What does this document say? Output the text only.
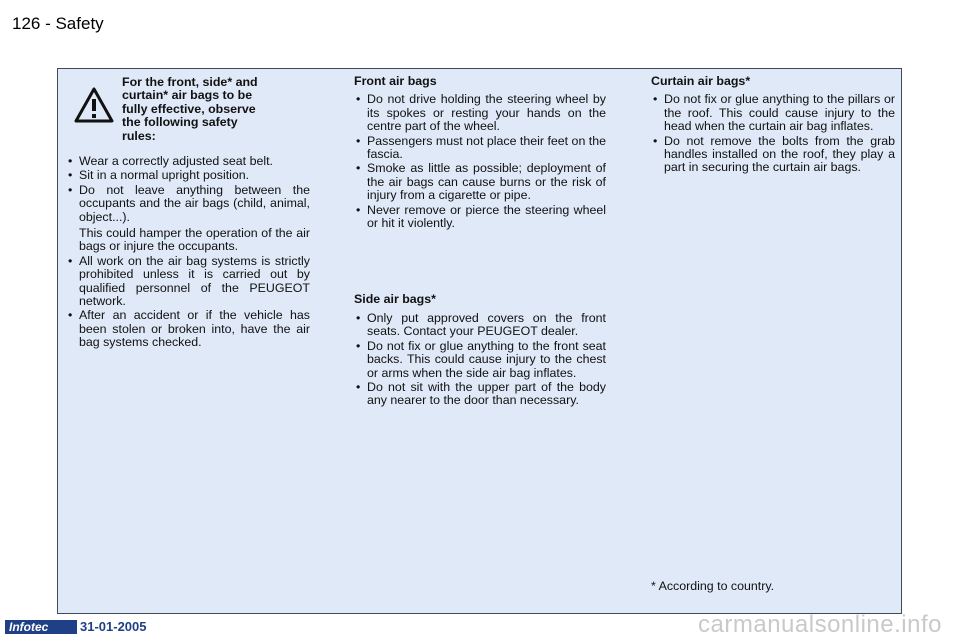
126 - Safety
For the front, side* and
curtain* air bags to be
fully effective, observe
the following safety
rules:
• Wear a correctly adjusted seat belt.
• Sit in a normal upright position.
• Do not leave anything between the occupants and the air bags (child, animal, object...).
This could hamper the operation of the air bags or injure the occupants.
• All work on the air bag systems is strictly prohibited unless it is carried out by qualified personnel of the PEUGEOT network.
• After an accident or if the vehicle has been stolen or broken into, have the air bag systems checked.
Front air bags
• Do not drive holding the steering wheel by its spokes or resting your hands on the centre part of the wheel.
• Passengers must not place their feet on the fascia.
• Smoke as little as possible; deployment of the air bags can cause burns or the risk of injury from a cigarette or pipe.
• Never remove or pierce the steering wheel or hit it violently.
Side air bags*
• Only put approved covers on the front seats. Contact your PEUGEOT dealer.
• Do not fix or glue anything to the front seat backs. This could cause injury to the chest or arms when the side air bag inflates.
• Do not sit with the upper part of the body any nearer to the door than necessary.
Curtain air bags*
• Do not fix or glue anything to the pillars or the roof. This could cause injury to the head when the curtain air bag inflates.
• Do not remove the bolts from the grab handles installed on the roof, they play a part in securing the curtain air bags.
* According to country.
Infotec	31-01-2005	carmanualsonline.info
